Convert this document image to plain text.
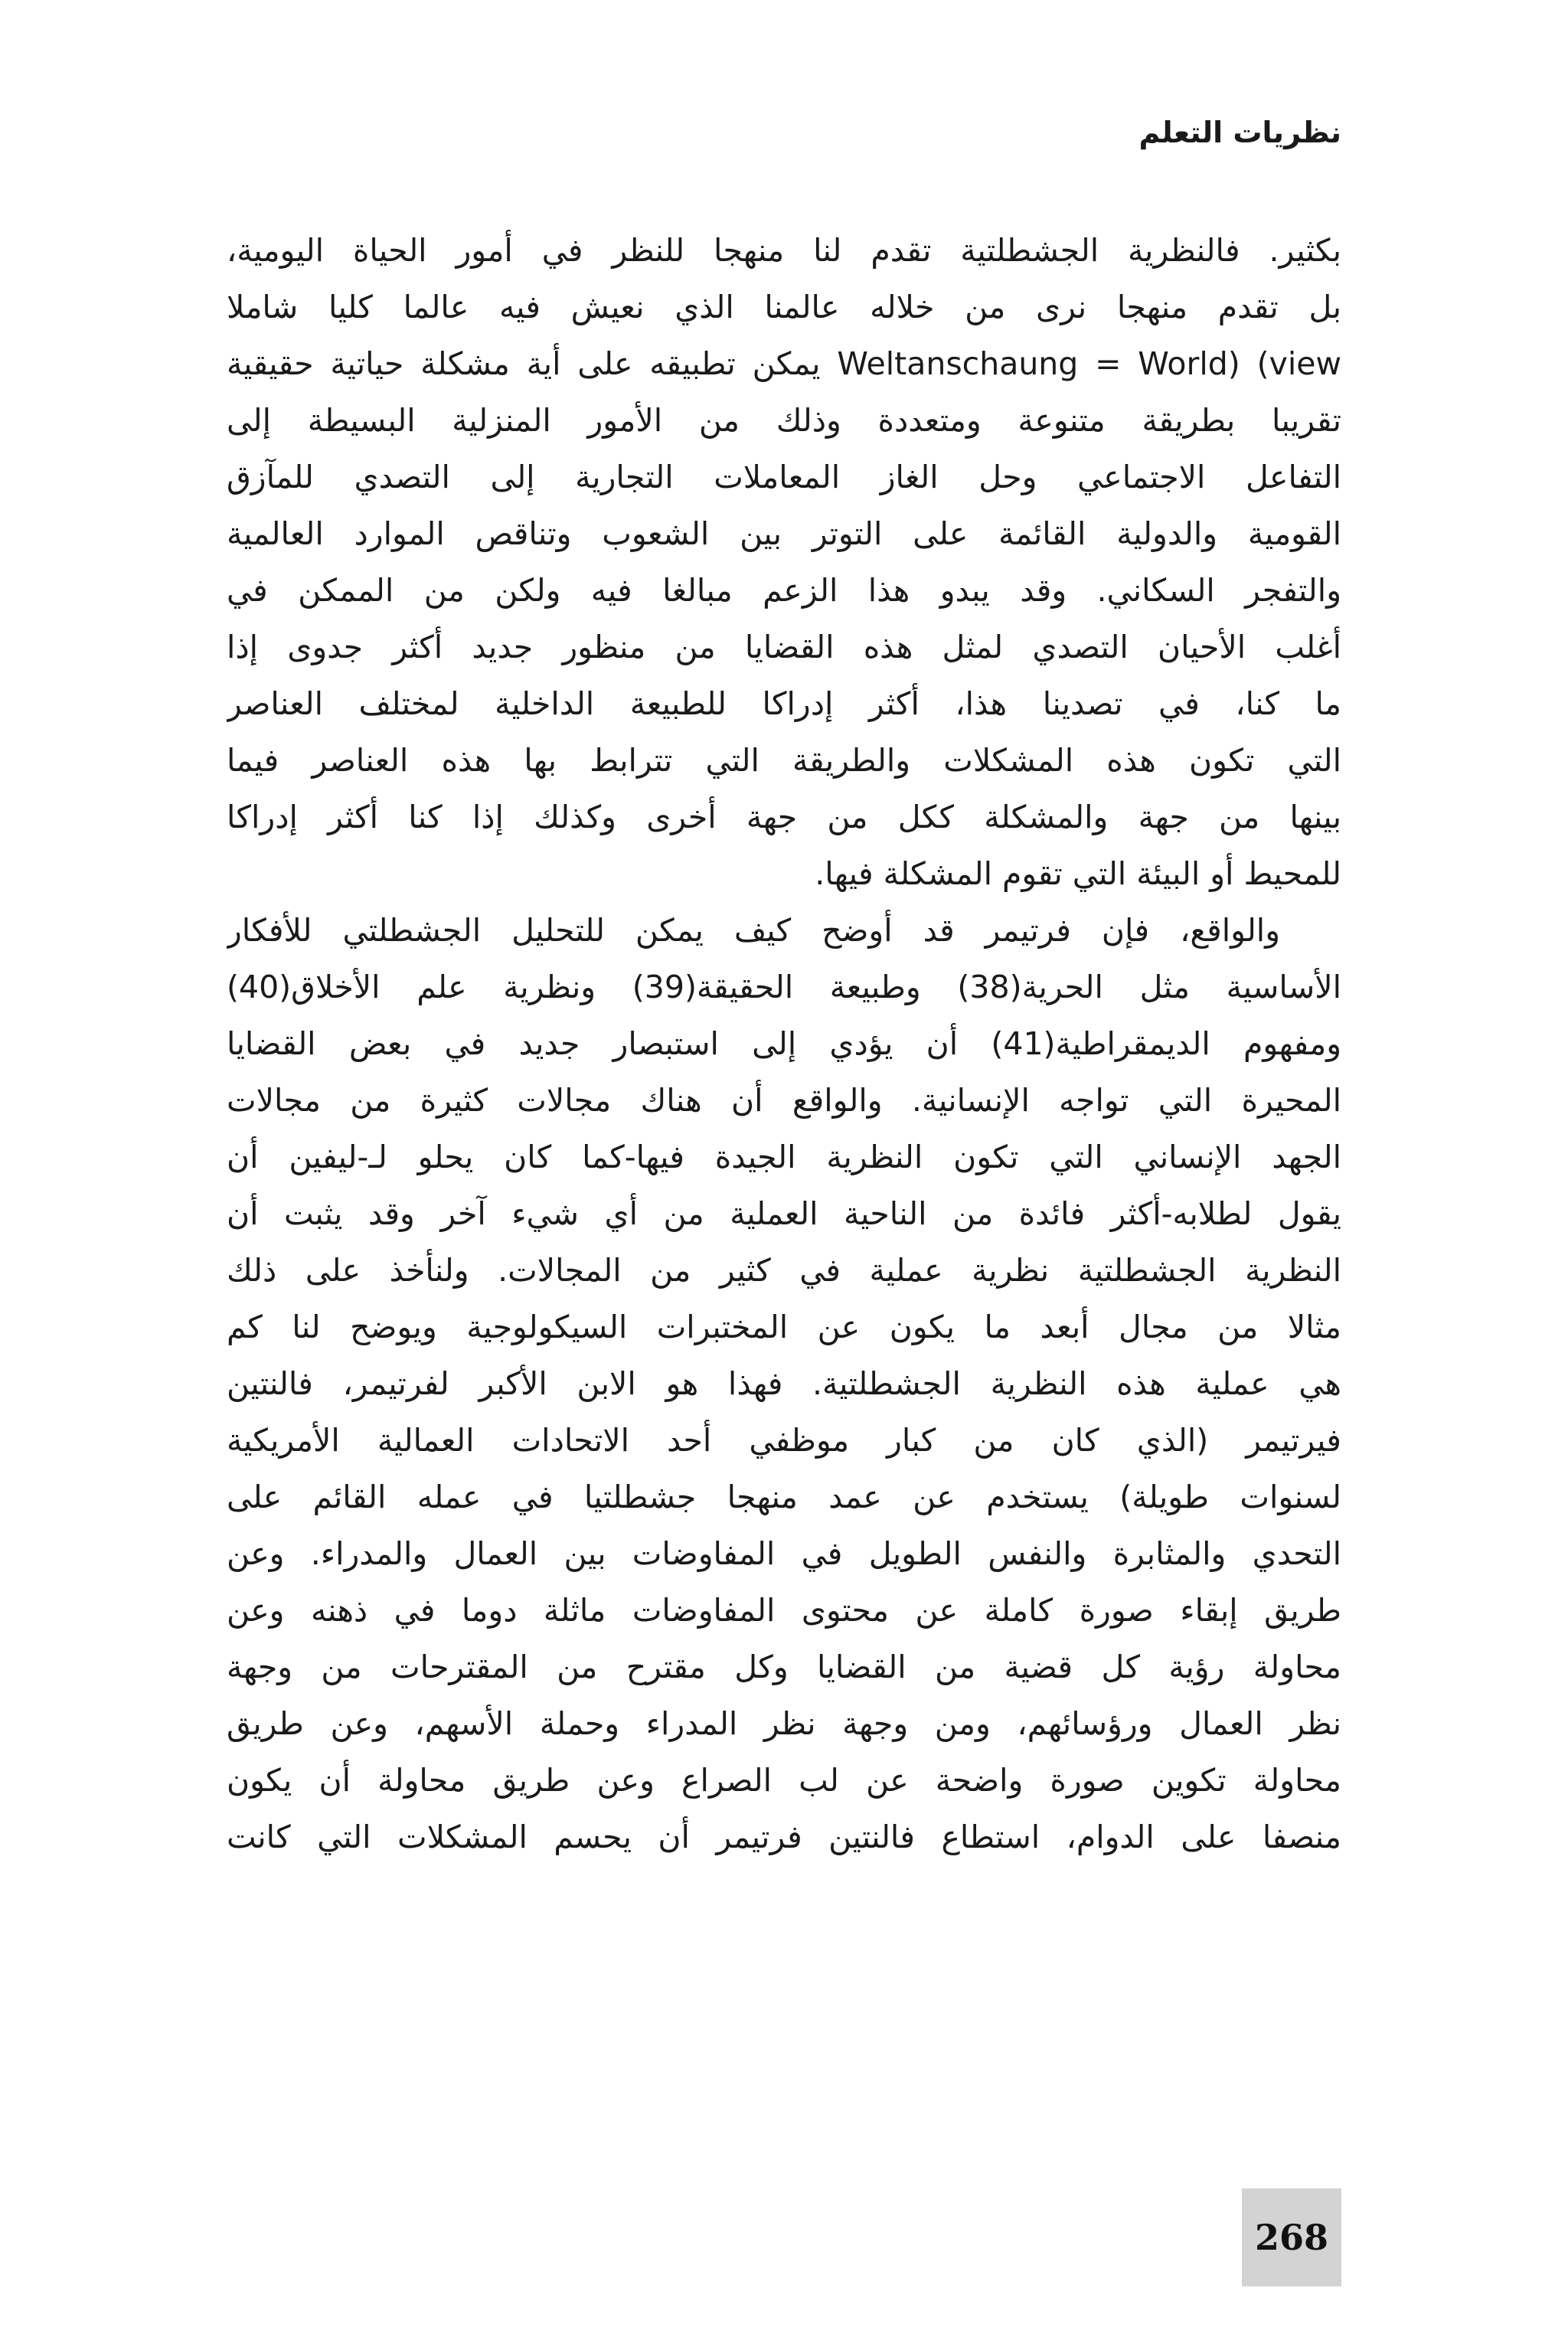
نظريات التعلم
بكثير. فالنظرية الجشطلتية تقدم لنا منهجا للنظر في أمور الحياة اليومية،
بل تقدم منهجا نرى من خلاله عالمنا الذي نعيش فيه عالما كليا شاملا
Weltanschaung = World) (view يمكن تطبيقه على أية مشكلة حياتية حقيقية
تقريبا بطريقة متنوعة ومتعددة وذلك من الأمور المنزلية البسيطة إلى
التفاعل الاجتماعي وحل الغاز المعاملات التجارية إلى التصدي للمآزق
القومية والدولية القائمة على التوتر بين الشعوب وتناقص الموارد العالمية
والتفجر السكاني. وقد يبدو هذا الزعم مبالغا فيه ولكن من الممكن في
أغلب الأحيان التصدي لمثل هذه القضايا من منظور جديد أكثر جدوى إذا
ما كنا، في تصدينا هذا، أكثر إدراكا للطبيعة الداخلية لمختلف العناصر
التي تكون هذه المشكلات والطريقة التي تترابط بها هذه العناصر فيما
بينها من جهة والمشكلة ككل من جهة أخرى وكذلك إذا كنا أكثر إدراكا
للمحيط أو البيئة التي تقوم المشكلة فيها.
والواقع، فإن فرتيمر قد أوضح كيف يمكن للتحليل الجشطلتي للأفكار
الأساسية مثل الحرية(38) وطبيعة الحقيقة(39) ونظرية علم الأخلاق(40)
ومفهوم الديمقراطية(41) أن يؤدي إلى استبصار جديد في بعض القضايا
المحيرة التي تواجه الإنسانية. والواقع أن هناك مجالات كثيرة من مجالات
الجهد الإنساني التي تكون النظرية الجيدة فيها-كما كان يحلو لـ-ليفين أن
يقول لطلابه-أكثر فائدة من الناحية العملية من أي شيء آخر وقد يثبت أن
النظرية الجشطلتية نظرية عملية في كثير من المجالات. ولنأخذ على ذلك
مثالا من مجال أبعد ما يكون عن المختبرات السيكولوجية ويوضح لنا كم
هي عملية هذه النظرية الجشطلتية. فهذا هو الابن الأكبر لفرتيمر، فالنتين
فيرتيمر (الذي كان من كبار موظفي أحد الاتحادات العمالية الأمريكية
لسنوات طويلة) يستخدم عن عمد منهجا جشطلتيا في عمله القائم على
التحدي والمثابرة والنفس الطويل في المفاوضات بين العمال والمدراء. وعن
طريق إبقاء صورة كاملة عن محتوى المفاوضات ماثلة دوما في ذهنه وعن
محاولة رؤية كل قضية من القضايا وكل مقترح من المقترحات من وجهة
نظر العمال ورؤسائهم، ومن وجهة نظر المدراء وحملة الأسهم، وعن طريق
محاولة تكوين صورة واضحة عن لب الصراع وعن طريق محاولة أن يكون
منصفا على الدوام، استطاع فالنتين فرتيمر أن يحسم المشكلات التي كانت
268
